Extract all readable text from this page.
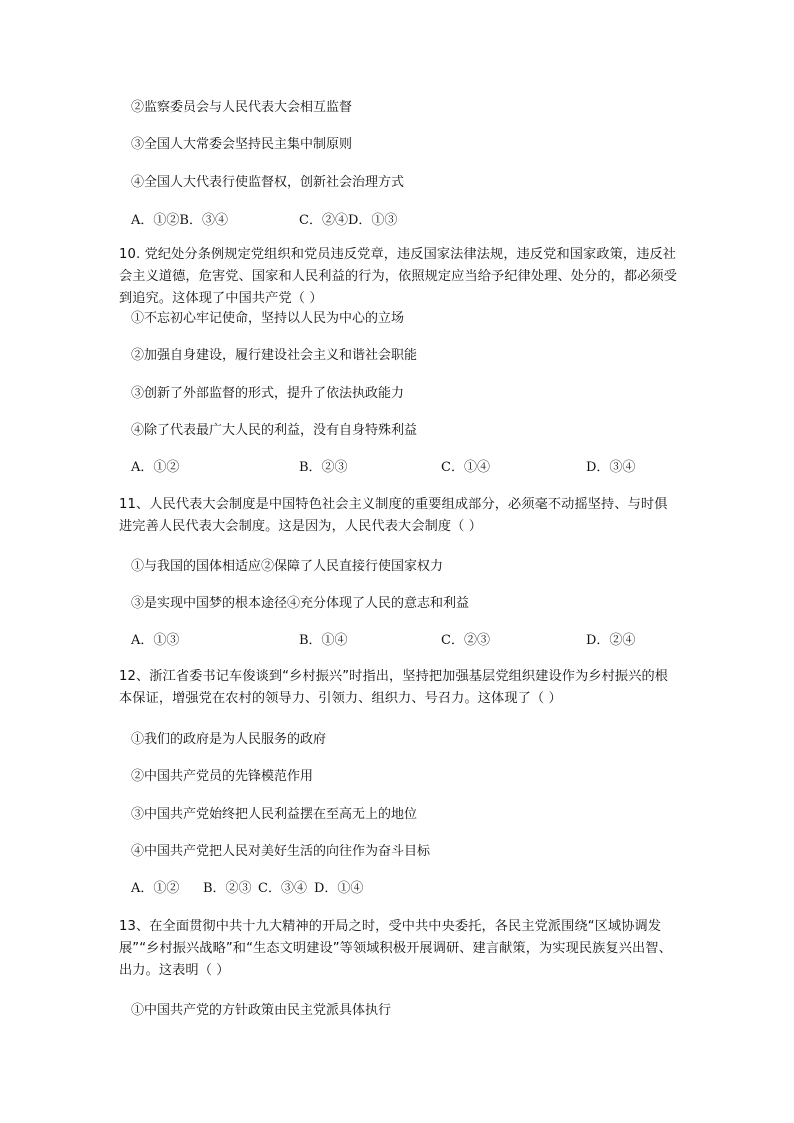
②监察委员会与人民代表大会相互监督
③全国人大常委会坚持民主集中制原则
④全国人大代表行使监督权，创新社会治理方式
A．①②B．③④	C．②④D．①③
10. 党纪处分条例规定党组织和党员违反党章，违反国家法律法规，违反党和国家政策，违反社会主义道德，危害党、国家和人民利益的行为，依照规定应当给予纪律处理、处分的，都必须受到追究。这体现了中国共产党（ ）
①不忘初心牢记使命，坚持以人民为中心的立场
②加强自身建设，履行建设社会主义和谐社会职能
③创新了外部监督的形式，提升了依法执政能力
④除了代表最广大人民的利益，没有自身特殊利益
A．①②	B．②③	C．①④	D．③④
11、人民代表大会制度是中国特色社会主义制度的重要组成部分，必须毫不动摇坚持、与时俱进完善人民代表大会制度。这是因为，人民代表大会制度（ ）
①与我国的国体相适应②保障了人民直接行使国家权力
③是实现中国梦的根本途径④充分体现了人民的意志和利益
A．①③	B．①④	C．②③	D．②④
12、浙江省委书记车俊谈到“乡村振兴”时指出，坚持把加强基层党组织建设作为乡村振兴的根本保证，增强党在农村的领导力、引领力、组织力、号召力。这体现了（ ）
①我们的政府是为人民服务的政府
②中国共产党员的先锋模范作用
③中国共产党始终把人民利益摆在至高无上的地位
④中国共产党把人民对美好生活的向往作为奋斗目标
A．①② B．②③ C．③④ D．①④
13、在全面贯彻中共十九大精神的开局之时，受中共中央委托，各民主党派围绕“区域协调发展”“乡村振兴战略”和“生态文明建设”等领域积极开展调研、建言献策，为实现民族复兴出智、出力。这表明（ ）
①中国共产党的方针政策由民主党派具体执行
